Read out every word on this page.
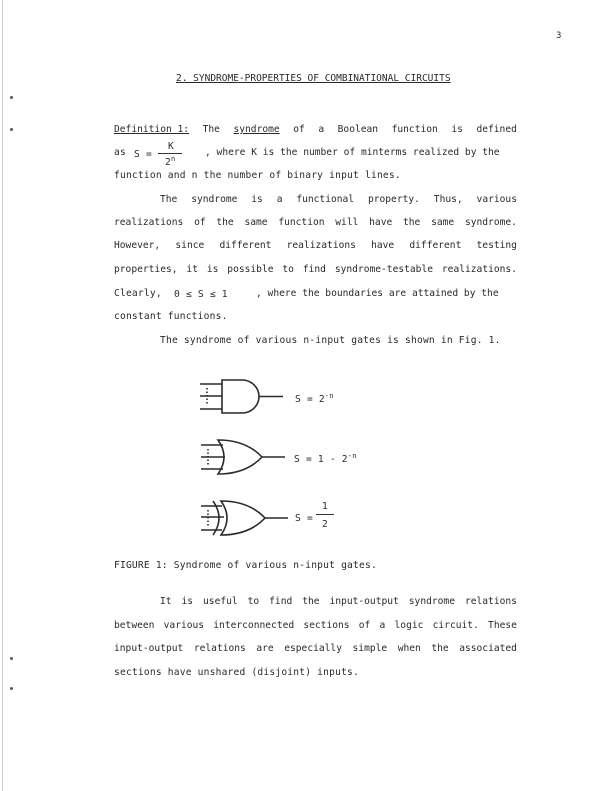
3
2. SYNDROME-PROPERTIES OF COMBINATIONAL CIRCUITS
Definition 1: The syndrome of a Boolean function is defined
as S =
K
2$^n$
, where K is the number of minterms realized by the
function and n the number of binary input lines.
The syndrome is a functional property. Thus, various
realizations of the same function will have the same syndrome.
However, since different realizations have different testing
properties, it is possible to find syndrome-testable realizations.
Clearly, 0 ≤ S ≤ 1	, where the boundaries are attained by the
constant functions.
The syndrome of various n-input gates is shown in Fig. 1.
$S = 2^{-n}$
$S = 1 - 2^{-n}$
S =
1
2
FIGURE 1: Syndrome of various n-input gates.
It is useful to find the input-output syndrome relations
between various interconnected sections of a logic circuit. These
input-output relations are especially simple when the associated
sections have unshared (disjoint) inputs.
